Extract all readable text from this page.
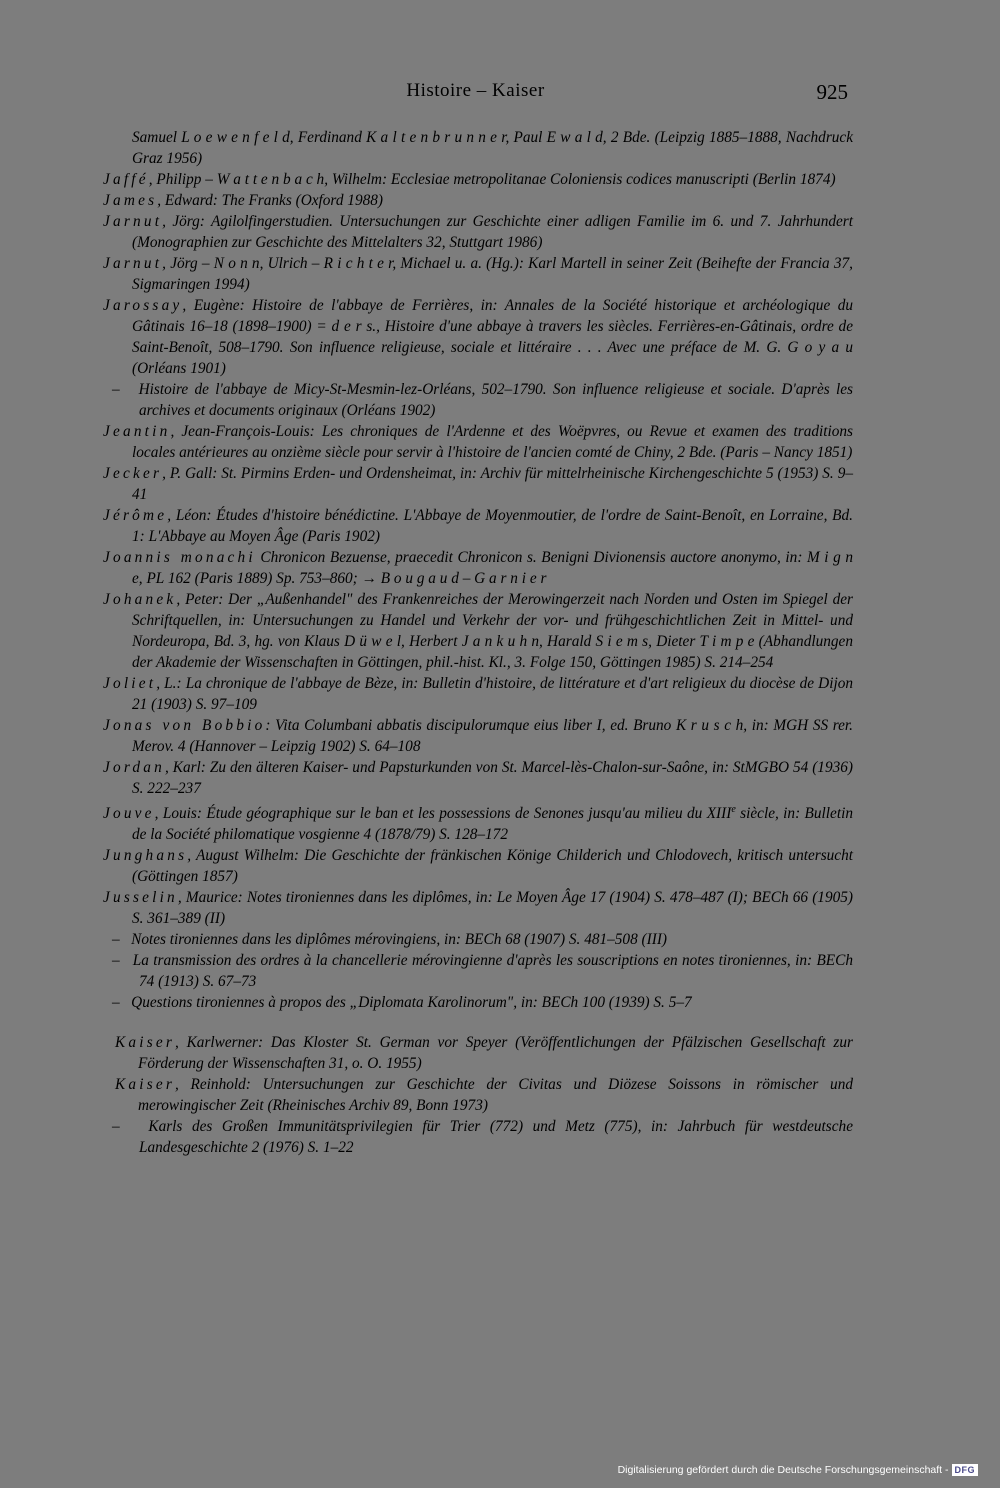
Histoire – Kaiser	925
Samuel L o e w e n f e l d, Ferdinand K a l t e n b r u n n e r, Paul E w a l d, 2 Bde. (Leipzig 1885–1888, Nachdruck Graz 1956)
Jaffé, Philipp – W a t t e n b a c h, Wilhelm: Ecclesiae metropolitanae Coloniensis codices manuscripti (Berlin 1874)
James, Edward: The Franks (Oxford 1988)
Jarnut, Jörg: Agilolfingerstudien. Untersuchungen zur Geschichte einer adligen Familie im 6. und 7. Jahrhundert (Monographien zur Geschichte des Mittelalters 32, Stuttgart 1986)
Jarnut, Jörg – N o n n, Ulrich – R i c h t e r, Michael u. a. (Hg.): Karl Martell in seiner Zeit (Beihefte der Francia 37, Sigmaringen 1994)
Jarossay, Eugène: Histoire de l'abbaye de Ferrières, in: Annales de la Société historique et archéologique du Gâtinais 16–18 (1898–1900) = d e r s., Histoire d'une abbaye à travers les siècles. Ferrières-en-Gâtinais, ordre de Saint-Benoît, 508–1790. Son influence religieuse, sociale et littéraire . . . Avec une préface de M. G. G o y a u (Orléans 1901)
– Histoire de l'abbaye de Micy-St-Mesmin-lez-Orléans, 502–1790. Son influence religieuse et sociale. D'après les archives et documents originaux (Orléans 1902)
Jeantin, Jean-François-Louis: Les chroniques de l'Ardenne et des Woëpvres, ou Revue et examen des traditions locales antérieures au onzième siècle pour servir à l'histoire de l'ancien comté de Chiny, 2 Bde. (Paris – Nancy 1851)
Jecker, P. Gall: St. Pirmins Erden- und Ordensheimat, in: Archiv für mittelrheinische Kirchengeschichte 5 (1953) S. 9–41
Jérôme, Léon: Études d'histoire bénédictine. L'Abbaye de Moyenmoutier, de l'ordre de Saint-Benoît, en Lorraine, Bd. 1: L'Abbaye au Moyen Âge (Paris 1902)
Joannis monachi Chronicon Bezuense, praecedit Chronicon s. Benigni Divionensis auctore anonymo, in: M i g n e, PL 162 (Paris 1889) Sp. 753–860; → B o u g a u d – G a r n i e r
Johanek, Peter: Der „Außenhandel" des Frankenreiches der Merowingerzeit nach Norden und Osten im Spiegel der Schriftquellen, in: Untersuchungen zu Handel und Verkehr der vor- und frühgeschichtlichen Zeit in Mittel- und Nordeuropa, Bd. 3, hg. von Klaus D ü w e l, Herbert J a n k u h n, Harald S i e m s, Dieter T i m p e (Abhandlungen der Akademie der Wissenschaften in Göttingen, phil.-hist. Kl., 3. Folge 150, Göttingen 1985) S. 214–254
Joliet, L.: La chronique de l'abbaye de Bèze, in: Bulletin d'histoire, de littérature et d'art religieux du diocèse de Dijon 21 (1903) S. 97–109
Jonas von Bobbio: Vita Columbani abbatis discipulorumque eius liber I, ed. Bruno K r u s c h, in: MGH SS rer. Merov. 4 (Hannover – Leipzig 1902) S. 64–108
Jordan, Karl: Zu den älteren Kaiser- und Papsturkunden von St. Marcel-lès-Chalon-sur-Saône, in: StMGBO 54 (1936) S. 222–237
Jouve, Louis: Étude géographique sur le ban et les possessions de Senones jusqu'au milieu du XIIIe siècle, in: Bulletin de la Société philomatique vosgienne 4 (1878/79) S. 128–172
Junghans, August Wilhelm: Die Geschichte der fränkischen Könige Childerich und Chlodovech, kritisch untersucht (Göttingen 1857)
Jusselin, Maurice: Notes tironiennes dans les diplômes, in: Le Moyen Âge 17 (1904) S. 478–487 (I); BECh 66 (1905) S. 361–389 (II)
– Notes tironiennes dans les diplômes mérovingiens, in: BECh 68 (1907) S. 481–508 (III)
– La transmission des ordres à la chancellerie mérovingienne d'après les souscriptions en notes tironiennes, in: BECh 74 (1913) S. 67–73
– Questions tironiennes à propos des „Diplomata Karolinorum", in: BECh 100 (1939) S. 5–7
Kaiser, Karlwerner: Das Kloster St. German vor Speyer (Veröffentlichungen der Pfälzischen Gesellschaft zur Förderung der Wissenschaften 31, o. O. 1955)
Kaiser, Reinhold: Untersuchungen zur Geschichte der Civitas und Diözese Soissons in römischer und merowingischer Zeit (Rheinisches Archiv 89, Bonn 1973)
– Karls des Großen Immunitätsprivilegien für Trier (772) und Metz (775), in: Jahrbuch für westdeutsche Landesgeschichte 2 (1976) S. 1–22
Digitalisierung gefördert durch die Deutsche Forschungsgemeinschaft - DFG
